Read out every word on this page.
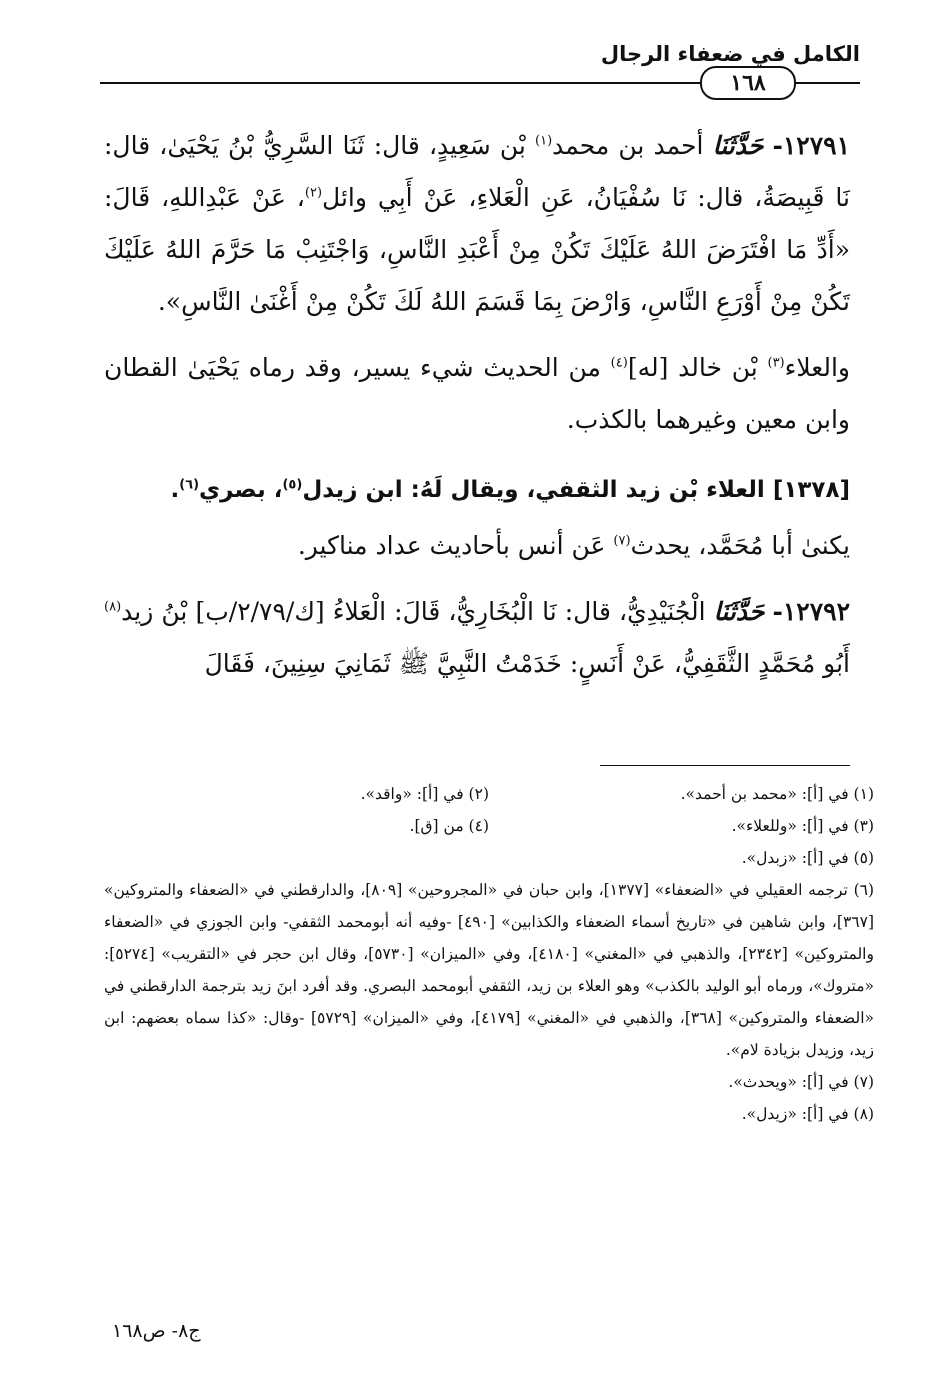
الكامل في ضعفاء الرجال
١٦٨

١٢٧٩١- حَدَّثَنَا أحمد بن محمد$^{(١)}$ بْن سَعِيدٍ، قال: ثَنَا السَّرِيُّ بْنُ يَحْيَىٰ، قال: نَا قَبِيصَةُ، قال: نَا سُفْيَانُ، عَنِ الْعَلاءِ، عَنْ أَبِي وائل$^{(٢)}$، عَنْ عَبْدِاللهِ، قَالَ: «أَدِّ مَا افْتَرَضَ اللهُ عَلَيْكَ تَكُنْ مِنْ أَعْبَدِ النَّاسِ، وَاجْتَنِبْ مَا حَرَّمَ اللهُ عَلَيْكَ تَكُنْ مِنْ أَوْرَعِ النَّاسِ، وَارْضَ بِمَا قَسَمَ اللهُ لَكَ تَكُنْ مِنْ أَغْنَىٰ النَّاسِ».

والعلاء$^{(٣)}$ بْن خالد [له]$^{(٤)}$ من الحديث شيء يسير، وقد رماه يَحْيَىٰ القطان وابن معين وغيرهما بالكذب.

[١٣٧٨] العلاء بْن زيد الثقفي، ويقال لَهُ: ابن زيدل$^{(٥)}$، بصري$^{(٦)}$.

يكنىٰ أبا مُحَمَّد، يحدث$^{(٧)}$ عَن أنس بأحاديث عداد مناكير.

١٢٧٩٢- حَدَّثَنَا الْجُنَيْدِيُّ، قال: نَا الْبُخَارِيُّ، قَالَ: الْعَلاءُ [ك/٢/٧٩/ب] بْنُ زيد$^{(٨)}$ أَبُو مُحَمَّدٍ الثَّقَفِيُّ، عَنْ أَنَسٍ: خَدَمْتُ النَّبِيَّ ﷺ ثَمَانِيَ سِنِينَ، فَقَالَ

(١) في [أ]: «محمد بن أحمد».

(٢) في [أ]: «واقد».

(٣) في [أ]: «وللعلاء».

(٤) من [ق].

(٥) في [أ]: «زبدل».

(٦) ترجمه العقيلي في «الضعفاء» [١٣٧٧]، وابن حبان في «المجروحين» [٨٠٩]، والدارقطني في «الضعفاء والمتروكين» [٣٦٧]، وابن شاهين في «تاريخ أسماء الضعفاء والكذابين» [٤٩٠] -وفيه أنه أبومحمد الثقفي- وابن الجوزي في «الضعفاء والمتروكين» [٢٣٤٢]، والذهبي في «المغني» [٤١٨٠]، وفي «الميزان» [٥٧٣٠]، وقال ابن حجر في «التقريب» [٥٢٧٤]: «متروك»، ورماه أبو الوليد بالكذب» وهو العلاء بن زيد، الثقفي أبومحمد البصري. وقد أفرد ابنَ زيد بترجمة الدارقطني في «الضعفاء والمتروكين» [٣٦٨]، والذهبي في «المغني» [٤١٧٩]، وفي «الميزان» [٥٧٢٩] -وقال: «كذا سماه بعضهم: ابن زيد، وزيدل بزيادة لام».

(٧) في [أ]: «ويحدث».

(٨) في [أ]: «زيدل».

ج٨- ص١٦٨
